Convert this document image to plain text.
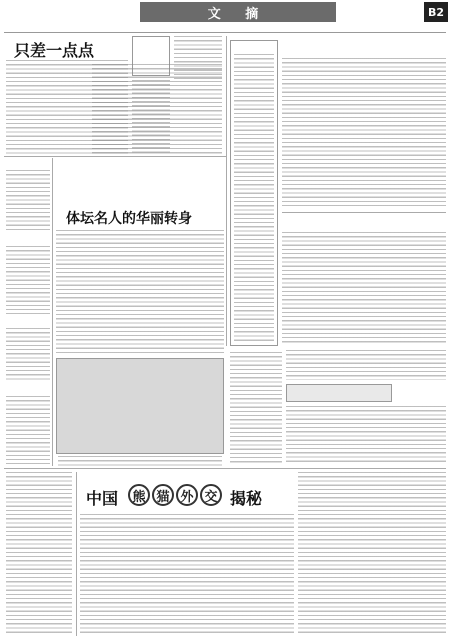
文 摘	B2
只差一点点
体坛名人的华丽转身
中国	熊 猫 外 交 揭秘
